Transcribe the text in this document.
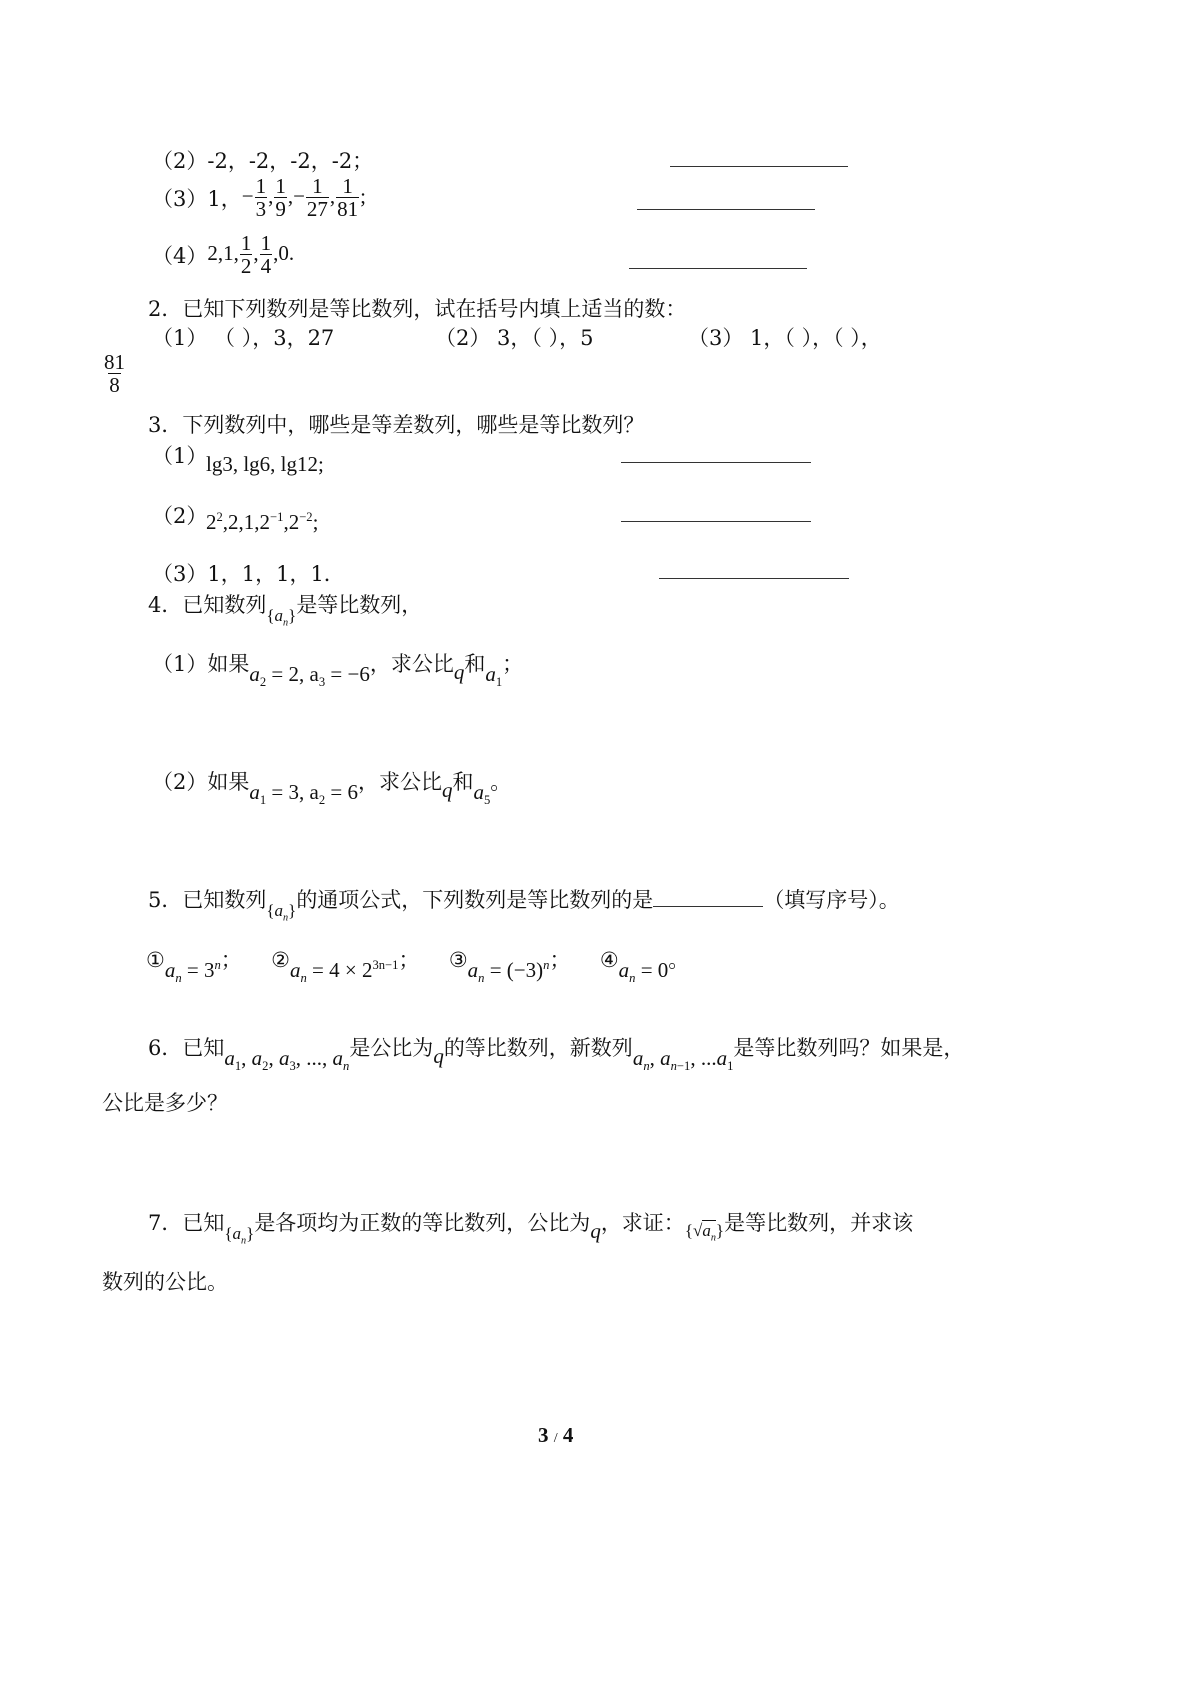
（2）-2，-2，-2，-2；
（3）1， − $\frac{1}{3}$ , $\frac{1}{9}$ ,− $\frac{1}{27}$ , $\frac{1}{81}$ ;
（4） 2,1, $\frac{1}{2}$ , $\frac{1}{4} ,0$.
2．已知下列数列是等比数列，试在括号内填上适当的数：
（1） （ ），3，27	（2） 3，（ ），5	（3） 1，（ ），（ ），
$\frac{81}{8}$
3．下列数列中，哪些是等差数列，哪些是等比数列？
（1）
lg3, lg6, lg12;
（2）
$2^2,2,1,2^{-1},2^{-2}$;
（3）1，1，1，1．
4．已知数列$_{\{a_n\}}$是等比数列，
（1）如果$a_2 = 2$, $a_3 = -6$，求公比q和$a_1$；
（2）如果$a_1 = 3$, $a_2 = 6$，求公比q和$a_5$。
5．已知数列$_{\{a_n\}}$的通项公式，下列数列是等比数列的是	（填写序号）。
$①a_n = 3^n$； $②a_n = 4 \times 2^{3n-1}$； $③a_n = (-3)^n$； $④a_n = 0$。
6．已知$a_1$, $a_2$, $a_3$, ..., $a_n$是公比为q的等比数列，新数列$a_n$, $a_{n-1}$, $...a_1$是等比数列吗？如果是，
公比是多少？
7．已知$_{\{a_n\}}$是各项均为正数的等比数列，公比为q，求证：$_{\{√a_n\}}$是等比数列，并求该
数列的公比。
3 / 4
